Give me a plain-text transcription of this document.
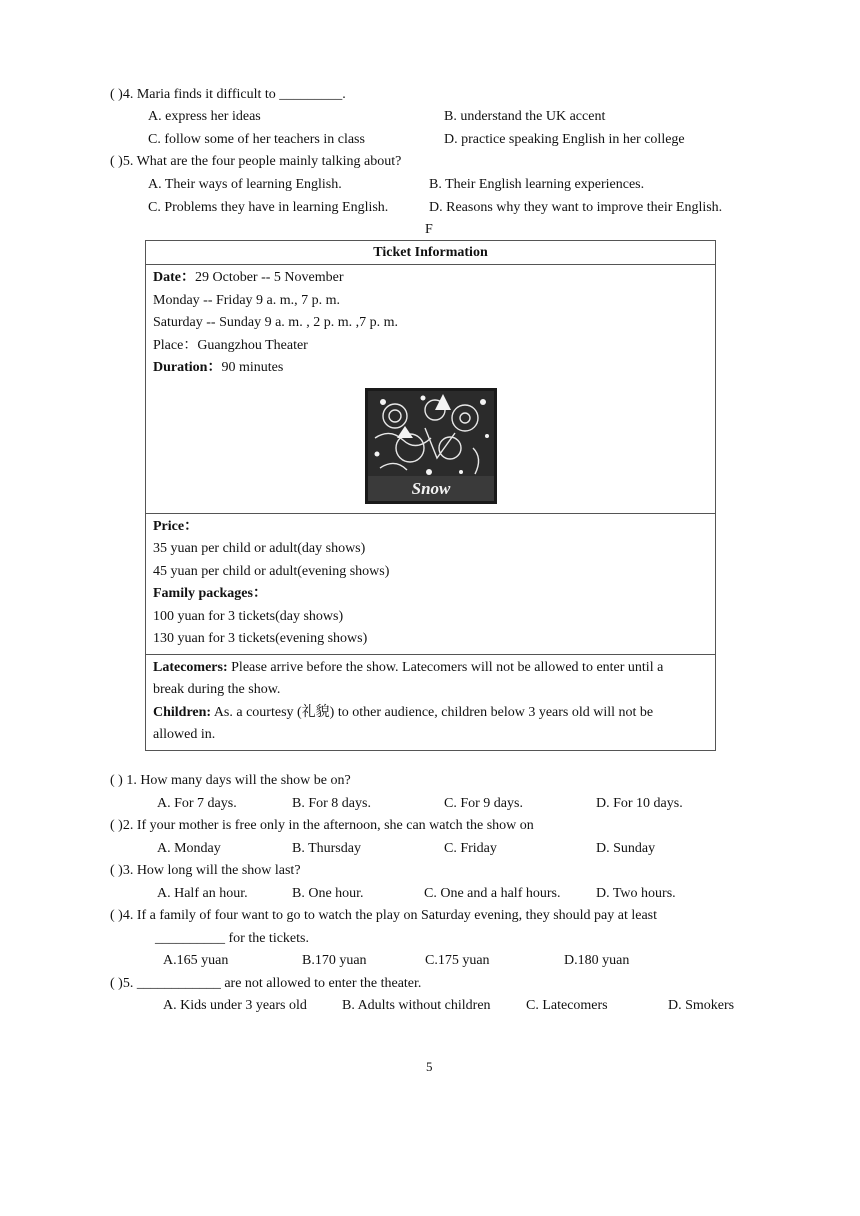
( )4. Maria finds it difficult to _________.
A. express her ideas	B. understand the UK accent
C. follow some of her teachers in class	D. practice speaking English in her college
( )5. What are the four people mainly talking about?
A. Their ways of learning English.	B. Their English learning experiences.
C. Problems they have in learning English.	D. Reasons why they want to improve their English.
F
Ticket Information

Date：29 October -- 5 November
Monday -- Friday 9 a. m., 7 p. m.
Saturday -- Sunday 9 a. m. , 2 p. m. ,7 p. m.
Place：Guangzhou Theater
Duration：90 minutes
Snow

Price：
35 yuan per child or adult(day shows)
45 yuan per child or adult(evening shows)
Family packages：
100 yuan for 3 tickets(day shows)
130 yuan for 3 tickets(evening shows)

Latecomers: Please arrive before the show. Latecomers will not be allowed to enter until a
break during the show.
Children: As. a courtesy (礼貌) to other audience, children below 3 years old will not be
allowed in.
( ) 1. How many days will the show be on?
A. For 7 days.	B. For 8 days.	C. For 9 days.	D. For 10 days.
( )2. If your mother is free only in the afternoon, she can watch the show on
A. Monday	B. Thursday	C. Friday	D. Sunday
( )3. How long will the show last?
A. Half an hour.	B. One hour.	C. One and a half hours.	D. Two hours.
( )4. If a family of four want to go to watch the play on Saturday evening, they should pay at least
__________ for the tickets.
A.165 yuan	B.170 yuan	C.175 yuan	D.180 yuan
( )5. ____________ are not allowed to enter the theater.
A. Kids under 3 years old	B. Adults without children	C. Latecomers	D. Smokers
5
